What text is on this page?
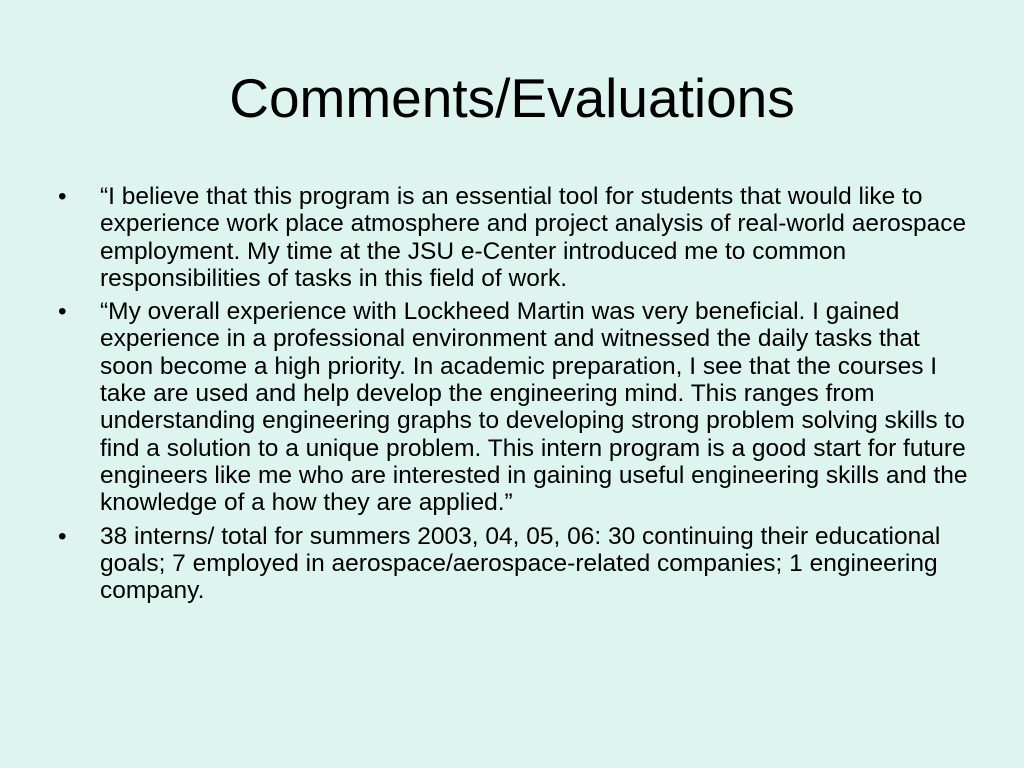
Comments/Evaluations
•	“I believe that this program is an essential tool for students that would like to experience work place atmosphere and project analysis of real-world aerospace employment. My time at the JSU e-Center introduced me to common responsibilities of tasks in this field of work.
•	“My overall experience with Lockheed Martin was very beneficial. I gained experience in a professional environment and witnessed the daily tasks that soon become a high priority. In academic preparation, I see that the courses I take are used and help develop the engineering mind. This ranges from understanding engineering graphs to developing strong problem solving skills to find a solution to a unique problem. This intern program is a good start for future engineers like me who are interested in gaining useful engineering skills and the knowledge of a how they are applied.”
•	38 interns/ total for summers 2003, 04, 05, 06: 30 continuing their educational goals; 7 employed in aerospace/aerospace-related companies; 1 engineering company.
